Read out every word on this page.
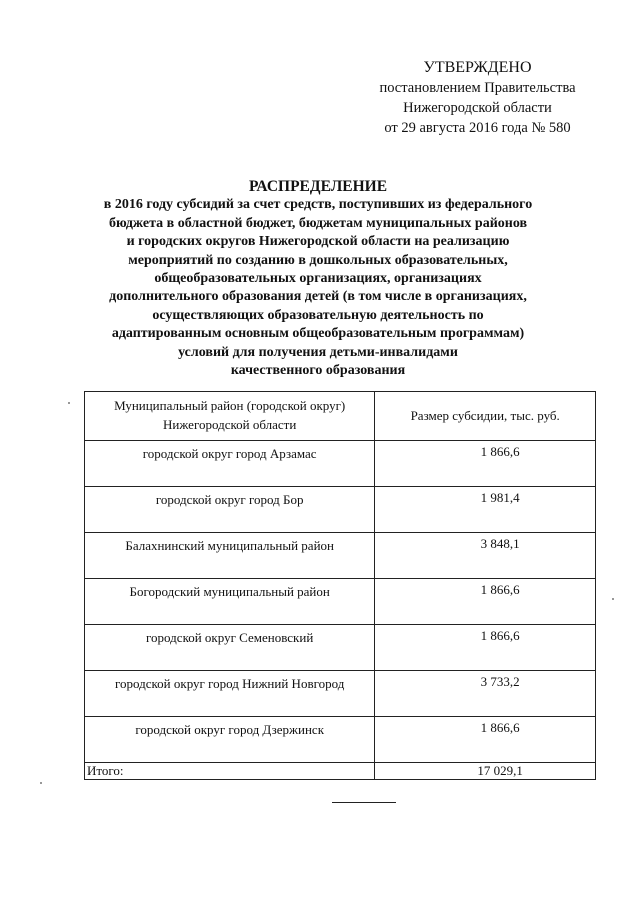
УТВЕРЖДЕНО
постановлением Правительства
Нижегородской области
от 29 августа 2016 года № 580
РАСПРЕДЕЛЕНИЕ
в 2016 году субсидий за счет средств, поступивших из федерального
бюджета в областной бюджет, бюджетам муниципальных районов
и городских округов Нижегородской области на реализацию
мероприятий по созданию в дошкольных образовательных,
общеобразовательных организациях, организациях
дополнительного образования детей (в том числе в организациях,
осуществляющих образовательную деятельность по
адаптированным основным общеобразовательным программам)
условий для получения детьми-инвалидами
качественного образования
Муниципальный район (городской округ)
Нижегородской области	Размер субсидии, тыс. руб.
городской округ город Арзамас	1 866,6
городской округ город Бор	1 981,4
Балахнинский муниципальный район	3 848,1
Богородский муниципальный район	1 866,6
городской округ Семеновский	1 866,6
городской округ город Нижний Новгород	3 733,2
городской округ город Дзержинск	1 866,6
Итого:	17 029,1
